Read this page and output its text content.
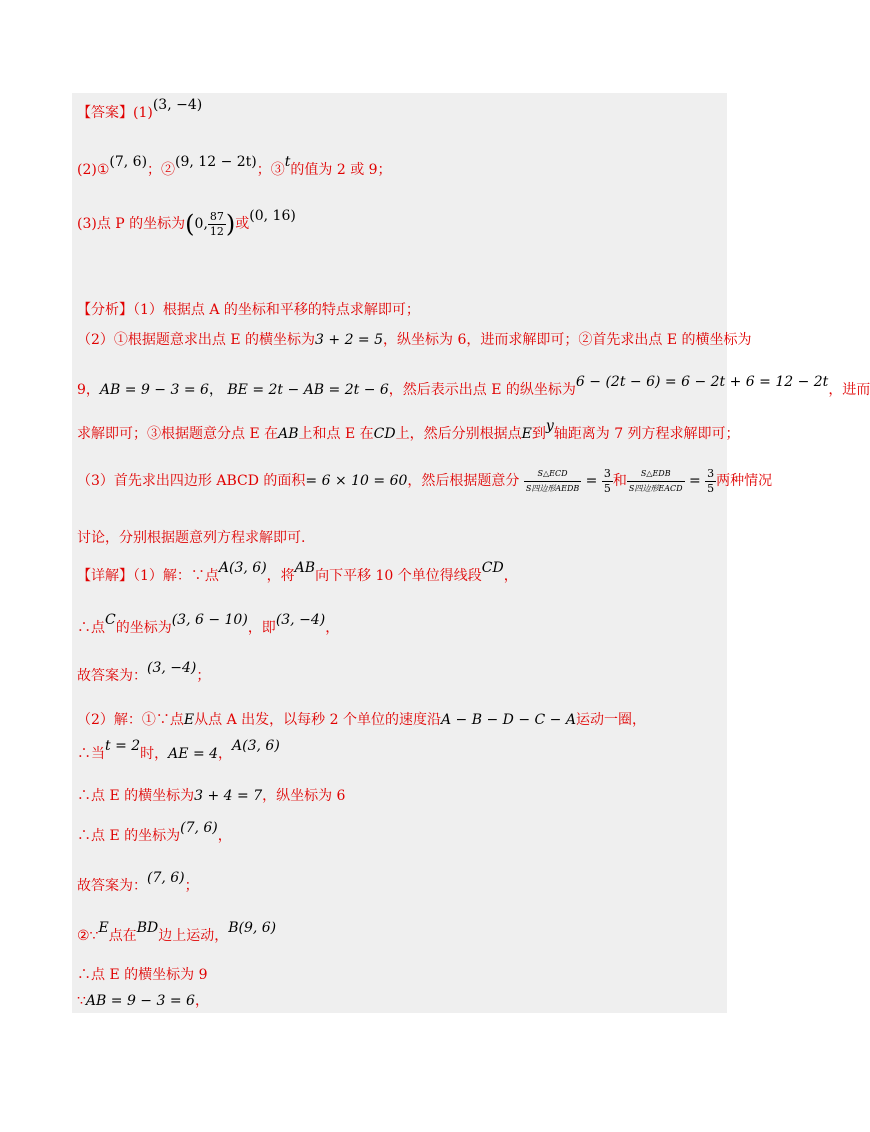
【答案】(1)(3, −4)
(2)①(7, 6)；②(9, 12 − 2t)；③t的值为 2 或 9；
(3)点 P 的坐标为(0, $\frac{87}{12}$ )或(0, 16)
【分析】（1）根据点 A 的坐标和平移的特点求解即可；
（2）①根据题意求出点 E 的横坐标为3 + 2 = 5，纵坐标为 6，进而求解即可；②首先求出点 E 的横坐标为
9，AB = 9 − 3 = 6， BE = 2t − AB = 2t − 6，然后表示出点 E 的纵坐标为6 − (2t − 6) = 6 − 2t + 6 = 12 − 2t，进而
求解即可；③根据题意分点 E 在AB上和点 E 在CD上，然后分别根据点E到y轴距离为 7 列方程求解即可；
（3）首先求出四边形 ABCD 的面积= 6 × 10 = 60，然后根据题意分 $\frac{\text{S△ECD}}{\text{S四边形AEDB}} = \frac{3}{5}$ 和 $\frac{\text{S△EDB}}{\text{S四边形EACD}} = \frac{3}{5}$ 两种情况
讨论，分别根据题意列方程求解即可.
【详解】（1）解：∵点A(3, 6)，将AB向下平移 10 个单位得线段CD，
∴点C的坐标为(3, 6 − 10)，即(3, −4)，
故答案为：(3, −4)；
（2）解：①∵点E从点 A 出发，以每秒 2 个单位的速度沿A − B − D − C − A运动一圈，
∴当t = 2时，AE = 4，A(3, 6)
∴点 E 的横坐标为3 + 4 = 7，纵坐标为 6
∴点 E 的坐标为(7, 6)，
故答案为：(7, 6)；
②∵E点在BD边上运动，B(9, 6)
∴点 E 的横坐标为 9
∵AB = 9 − 3 = 6，
